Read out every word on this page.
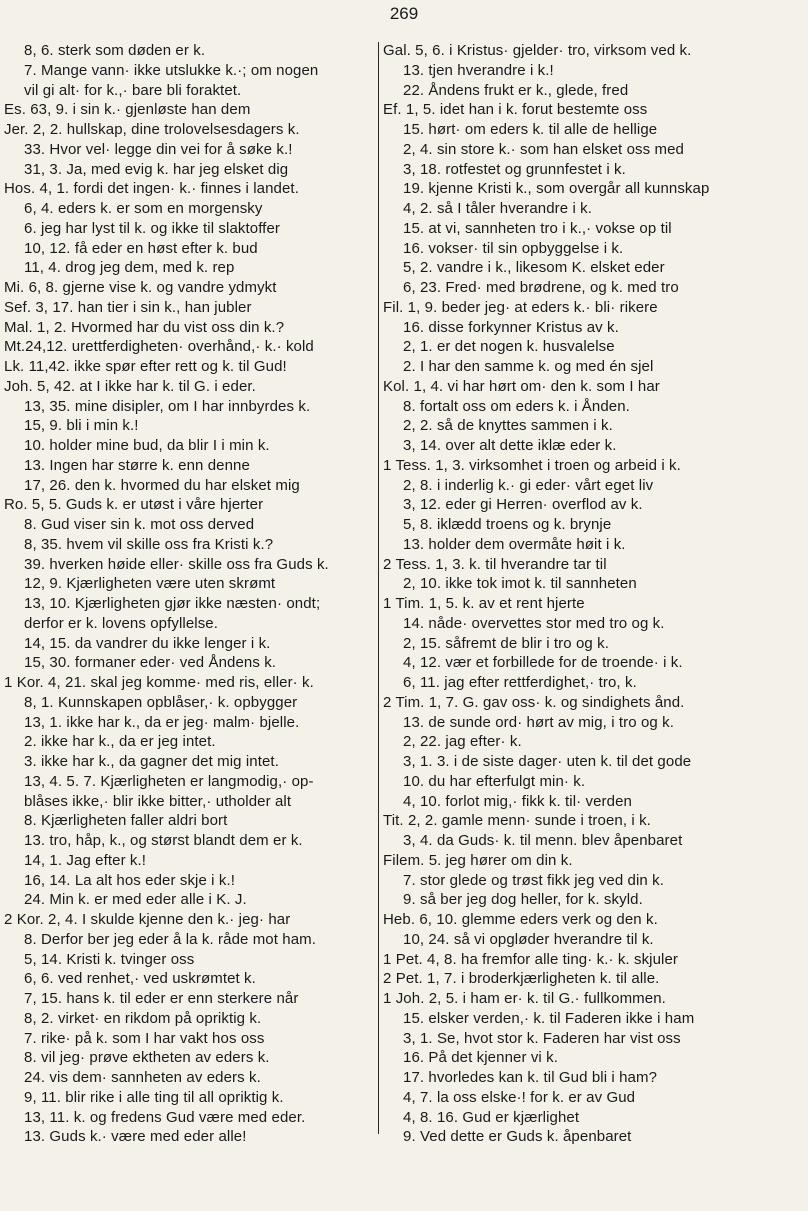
269
8, 6. sterk som døden er k.
7. Mange vann· ikke utslukke k.·; om nogen
vil gi alt· for k.,· bare bli foraktet.
Es. 63, 9. i sin k.· gjenløste han dem
Jer. 2, 2. hullskap, dine trolovelsesdagers k.
33. Hvor vel· legge din vei for å søke k.!
31, 3. Ja, med evig k. har jeg elsket dig
Hos. 4, 1. fordi det ingen· k.· finnes i landet.
6, 4. eders k. er som en morgensky
6. jeg har lyst til k. og ikke til slaktoffer
10, 12. få eder en høst efter k. bud
11, 4. drog jeg dem, med k. rep
Mi. 6, 8. gjerne vise k. og vandre ydmykt
Sef. 3, 17. han tier i sin k., han jubler
Mal. 1, 2. Hvormed har du vist oss din k.?
Mt.24,12. urettferdigheten· overhånd,· k.· kold
Lk. 11,42. ikke spør efter rett og k. til Gud!
Joh. 5, 42. at I ikke har k. til G. i eder.
13, 35. mine disipler, om I har innbyrdes k.
15, 9. bli i min k.!
10. holder mine bud, da blir I i min k.
13. Ingen har større k. enn denne
17, 26. den k. hvormed du har elsket mig
Ro. 5, 5. Guds k. er utøst i våre hjerter
8. Gud viser sin k. mot oss derved
8, 35. hvem vil skille oss fra Kristi k.?
39. hverken høide eller· skille oss fra Guds k.
12, 9. Kjærligheten være uten skrømt
13, 10. Kjærligheten gjør ikke næsten· ondt;
derfor er k. lovens opfyllelse.
14, 15. da vandrer du ikke lenger i k.
15, 30. formaner eder· ved Åndens k.
1 Kor. 4, 21. skal jeg komme· med ris, eller· k.
8, 1. Kunnskapen opblåser,· k. opbygger
13, 1. ikke har k., da er jeg· malm· bjelle.
2. ikke har k., da er jeg intet.
3. ikke har k., da gagner det mig intet.
13, 4. 5. 7. Kjærligheten er langmodig,· op-
blåses ikke,· blir ikke bitter,· utholder alt
8. Kjærligheten faller aldri bort
13. tro, håp, k., og størst blandt dem er k.
14, 1. Jag efter k.!
16, 14. La alt hos eder skje i k.!
24. Min k. er med eder alle i K. J.
2 Kor. 2, 4. I skulde kjenne den k.· jeg· har
8. Derfor ber jeg eder å la k. råde mot ham.
5, 14. Kristi k. tvinger oss
6, 6. ved renhet,· ved uskrømtet k.
7, 15. hans k. til eder er enn sterkere når
8, 2. virket· en rikdom på opriktig k.
7. rike· på k. som I har vakt hos oss
8. vil jeg· prøve ektheten av eders k.
24. vis dem· sannheten av eders k.
9, 11. blir rike i alle ting til all opriktig k.
13, 11. k. og fredens Gud være med eder.
13. Guds k.· være med eder alle!
Gal. 5, 6. i Kristus· gjelder· tro, virksom ved k.
13. tjen hverandre i k.!
22. Åndens frukt er k., glede, fred
Ef. 1, 5. idet han i k. forut bestemte oss
15. hørt· om eders k. til alle de hellige
2, 4. sin store k.· som han elsket oss med
3, 18. rotfestet og grunnfestet i k.
19. kjenne Kristi k., som overgår all kunnskap
4, 2. så I tåler hverandre i k.
15. at vi, sannheten tro i k.,· vokse op til
16. vokser· til sin opbyggelse i k.
5, 2. vandre i k., likesom K. elsket eder
6, 23. Fred· med brødrene, og k. med tro
Fil. 1, 9. beder jeg· at eders k.· bli· rikere
16. disse forkynner Kristus av k.
2, 1. er det nogen k. husvalelse
2. I har den samme k. og med én sjel
Kol. 1, 4. vi har hørt om· den k. som I har
8. fortalt oss om eders k. i Ånden.
2, 2. så de knyttes sammen i k.
3, 14. over alt dette iklæ eder k.
1 Tess. 1, 3. virksomhet i troen og arbeid i k.
2, 8. i inderlig k.· gi eder· vårt eget liv
3, 12. eder gi Herren· overflod av k.
5, 8. iklædd troens og k. brynje
13. holder dem overmåte høit i k.
2 Tess. 1, 3. k. til hverandre tar til
2, 10. ikke tok imot k. til sannheten
1 Tim. 1, 5. k. av et rent hjerte
14. nåde· overvettes stor med tro og k.
2, 15. såfremt de blir i tro og k.
4, 12. vær et forbillede for de troende· i k.
6, 11. jag efter rettferdighet,· tro, k.
2 Tim. 1, 7. G. gav oss· k. og sindighets ånd.
13. de sunde ord· hørt av mig, i tro og k.
2, 22. jag efter· k.
3, 1. 3. i de siste dager· uten k. til det gode
10. du har efterfulgt min· k.
4, 10. forlot mig,· fikk k. til· verden
Tit. 2, 2. gamle menn· sunde i troen, i k.
3, 4. da Guds· k. til menn. blev åpenbaret
Filem. 5. jeg hører om din k.
7. stor glede og trøst fikk jeg ved din k.
9. så ber jeg dog heller, for k. skyld.
Heb. 6, 10. glemme eders verk og den k.
10, 24. så vi opgløder hverandre til k.
1 Pet. 4, 8. ha fremfor alle ting· k.· k. skjuler
2 Pet. 1, 7. i broderkjærligheten k. til alle.
1 Joh. 2, 5. i ham er· k. til G.· fullkommen.
15. elsker verden,· k. til Faderen ikke i ham
3, 1. Se, hvot stor k. Faderen har vist oss
16. På det kjenner vi k.
17. hvorledes kan k. til Gud bli i ham?
4, 7. la oss elske·! for k. er av Gud
4, 8. 16. Gud er kjærlighet
9. Ved dette er Guds k. åpenbaret
